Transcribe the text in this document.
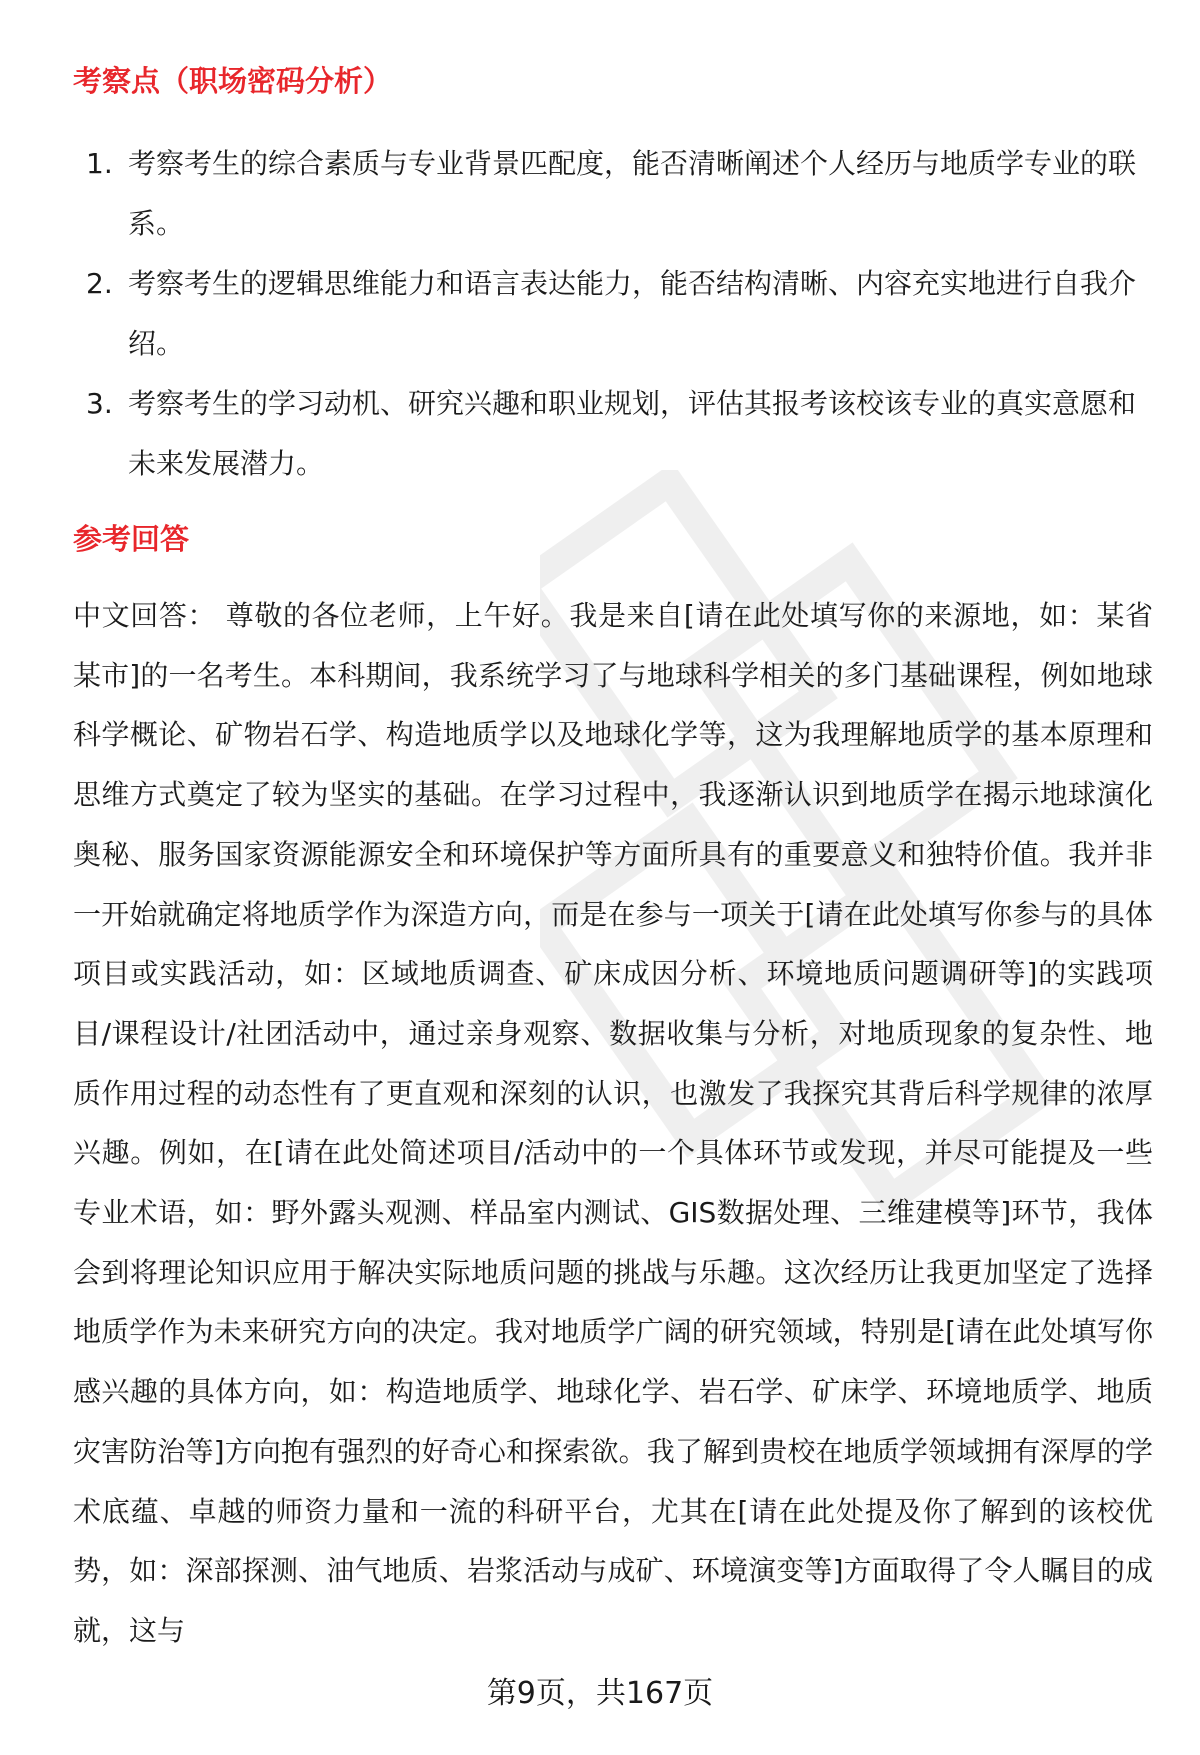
考察点（职场密码分析）
1. 考察考生的综合素质与专业背景匹配度，能否清晰阐述个人经历与地质学专业的联系。
2. 考察考生的逻辑思维能力和语言表达能力，能否结构清晰、内容充实地进行自我介绍。
3. 考察考生的学习动机、研究兴趣和职业规划，评估其报考该校该专业的真实意愿和未来发展潜力。
参考回答

中文回答： 尊敬的各位老师，上午好。我是来自[请在此处填写你的来源地，如：某省某市]的一名考生。本科期间，我系统学习了与地球科学相关的多门基础课程，例如地球科学概论、矿物岩石学、构造地质学以及地球化学等，这为我理解地质学的基本原理和思维方式奠定了较为坚实的基础。在学习过程中，我逐渐认识到地质学在揭示地球演化奥秘、服务国家资源能源安全和环境保护等方面所具有的重要意义和独特价值。我并非一开始就确定将地质学作为深造方向，而是在参与一项关于[请在此处填写你参与的具体项目或实践活动，如：区域地质调查、矿床成因分析、环境地质问题调研等]的实践项目/课程设计/社团活动中，通过亲身观察、数据收集与分析，对地质现象的复杂性、地质作用过程的动态性有了更直观和深刻的认识，也激发了我探究其背后科学规律的浓厚兴趣。例如，在[请在此处简述项目/活动中的一个具体环节或发现，并尽可能提及一些专业术语，如：野外露头观测、样品室内测试、GIS数据处理、三维建模等]环节，我体会到将理论知识应用于解决实际地质问题的挑战与乐趣。这次经历让我更加坚定了选择地质学作为未来研究方向的决定。我对地质学广阔的研究领域，特别是[请在此处填写你感兴趣的具体方向，如：构造地质学、地球化学、岩石学、矿床学、环境地质学、地质灾害防治等]方向抱有强烈的好奇心和探索欲。我了解到贵校在地质学领域拥有深厚的学术底蕴、卓越的师资力量和一流的科研平台，尤其在[请在此处提及你了解到的该校优势，如：深部探测、油气地质、岩浆活动与成矿、环境演变等]方面取得了令人瞩目的成就，这与

第9页，共167页
